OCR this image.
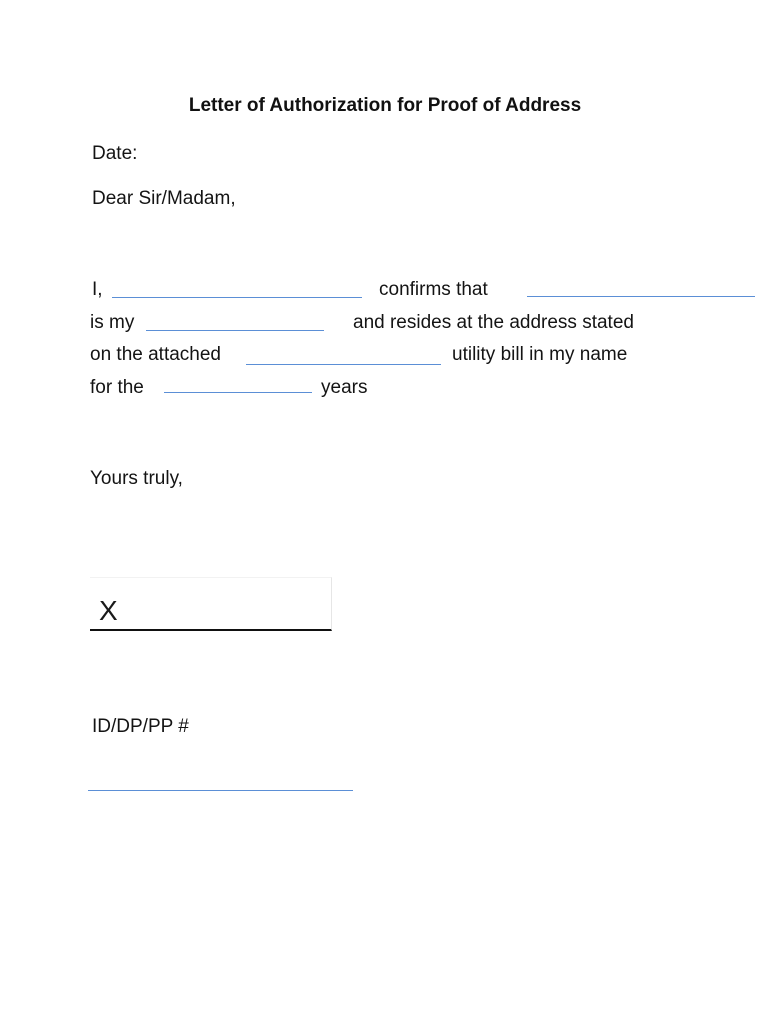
Letter of Authorization for Proof of Address
Date:
Dear Sir/Madam,
I,	confirms that
is my	and resides at the address stated
on the attached	utility bill in my name
for the	years
Yours truly,
X
ID/DP/PP #
